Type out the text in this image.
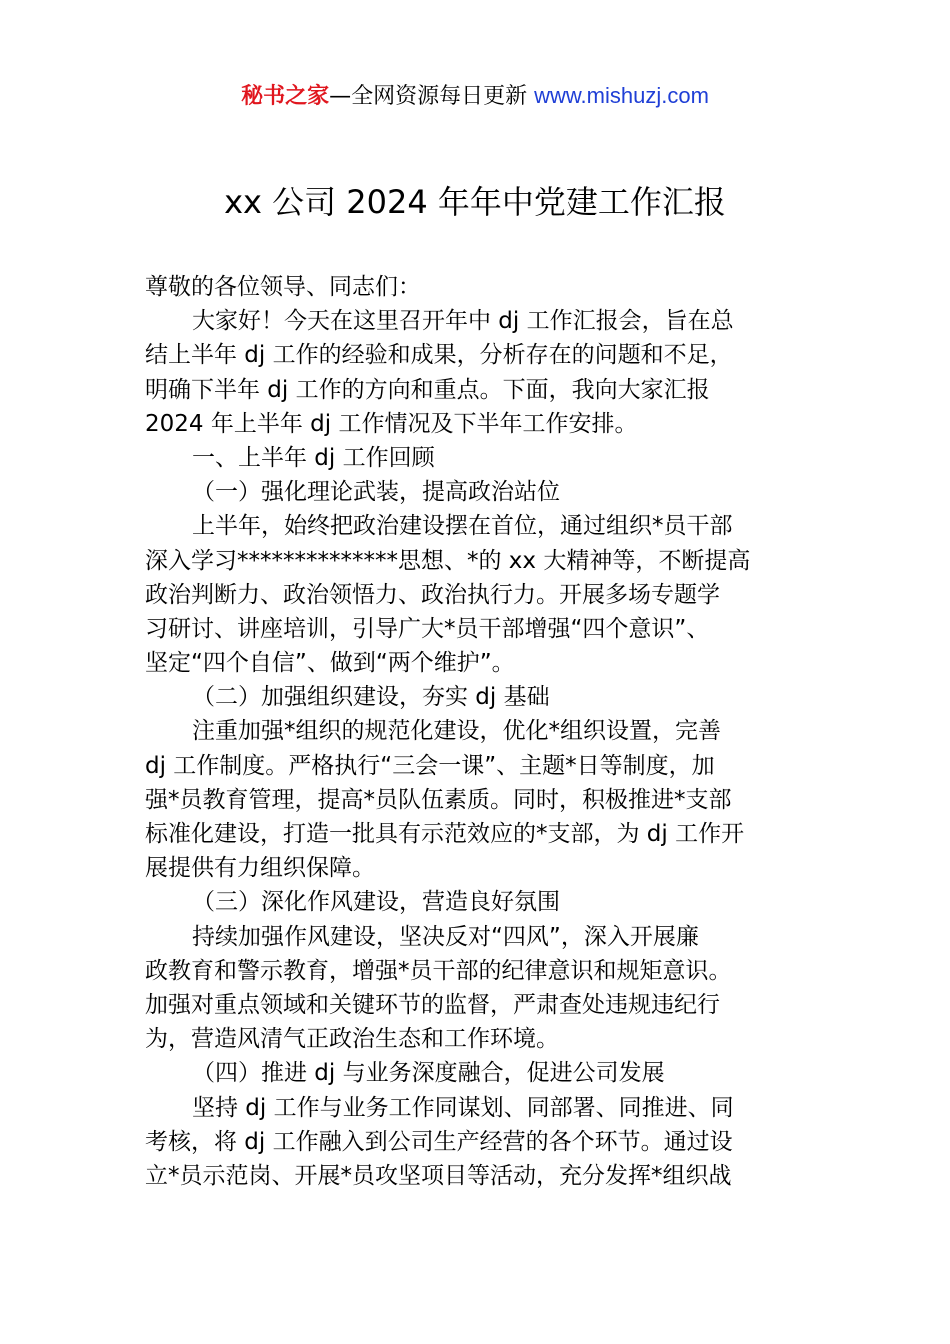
秘书之家—全网资源每日更新 www.mishuzj.com
xx 公司 2024 年年中党建工作汇报
尊敬的各位领导、同志们：
大家好！今天在这里召开年中 dj 工作汇报会，旨在总
结上半年 dj 工作的经验和成果，分析存在的问题和不足，
明确下半年 dj 工作的方向和重点。下面，我向大家汇报
2024 年上半年 dj 工作情况及下半年工作安排。
一、上半年 dj 工作回顾
（一）强化理论武装，提高政治站位
上半年，始终把政治建设摆在首位，通过组织*员干部
深入学习**************思想、*的 xx 大精神等，不断提高
政治判断力、政治领悟力、政治执行力。开展多场专题学
习研讨、讲座培训，引导广大*员干部增强“四个意识”、
坚定“四个自信”、做到“两个维护”。
（二）加强组织建设，夯实 dj 基础
注重加强*组织的规范化建设，优化*组织设置，完善
dj 工作制度。严格执行“三会一课”、主题*日等制度，加
强*员教育管理，提高*员队伍素质。同时，积极推进*支部
标准化建设，打造一批具有示范效应的*支部，为 dj 工作开
展提供有力组织保障。
（三）深化作风建设，营造良好氛围
持续加强作风建设，坚决反对“四风”，深入开展廉
政教育和警示教育，增强*员干部的纪律意识和规矩意识。
加强对重点领域和关键环节的监督，严肃查处违规违纪行
为，营造风清气正政治生态和工作环境。
（四）推进 dj 与业务深度融合，促进公司发展
坚持 dj 工作与业务工作同谋划、同部署、同推进、同
考核，将 dj 工作融入到公司生产经营的各个环节。通过设
立*员示范岗、开展*员攻坚项目等活动，充分发挥*组织战
